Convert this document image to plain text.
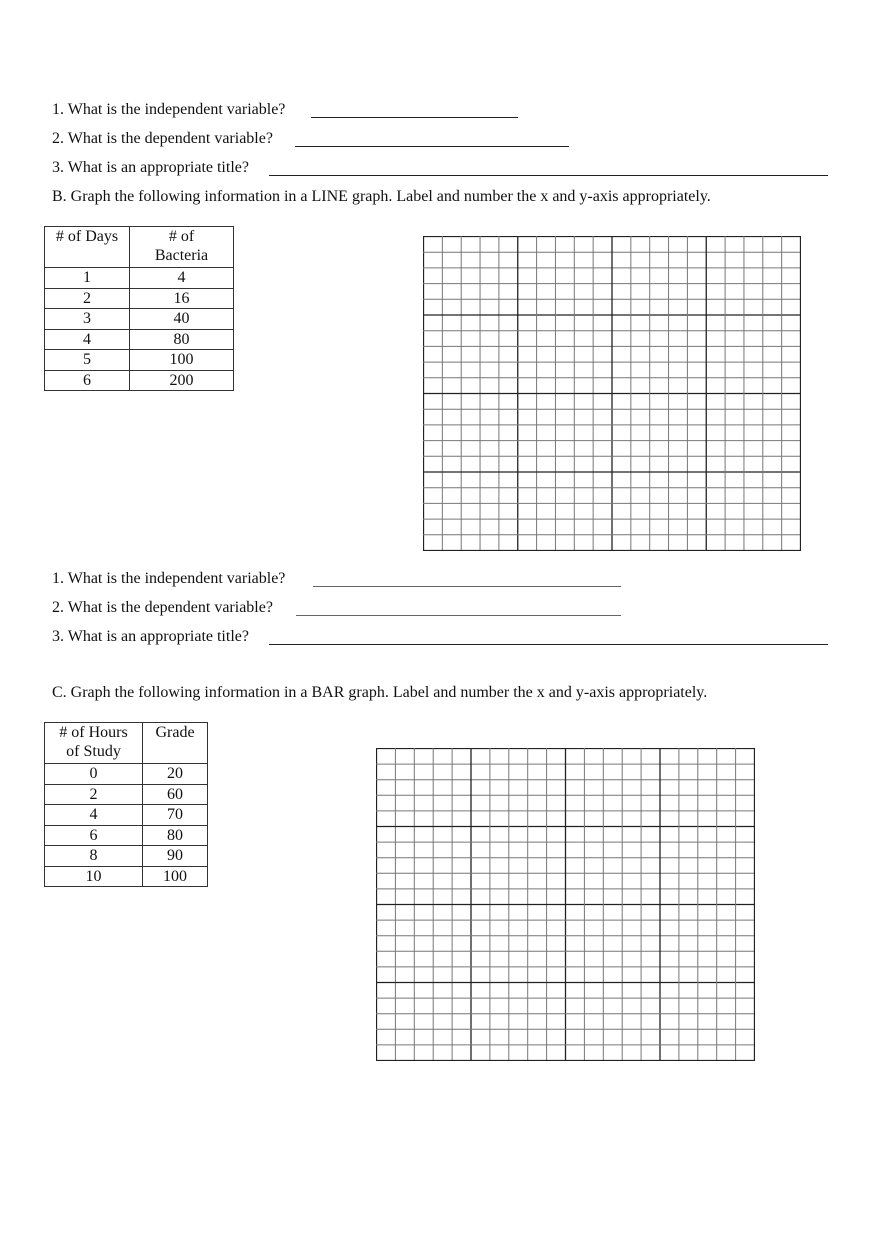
1. What is the independent variable?
2. What is the dependent variable?
3. What is an appropriate title?
B. Graph the following information in a LINE graph. Label and number the x and y-axis appropriately.
# of Days	# of
Bacteria
1	4
2	16
3	40
4	80
5	100
6	200
1. What is the independent variable?
2. What is the dependent variable?
3. What is an appropriate title?
C. Graph the following information in a BAR graph. Label and number the x and y-axis appropriately.
# of Hours
of Study	Grade
0	20
2	60
4	70
6	80
8	90
10	100
